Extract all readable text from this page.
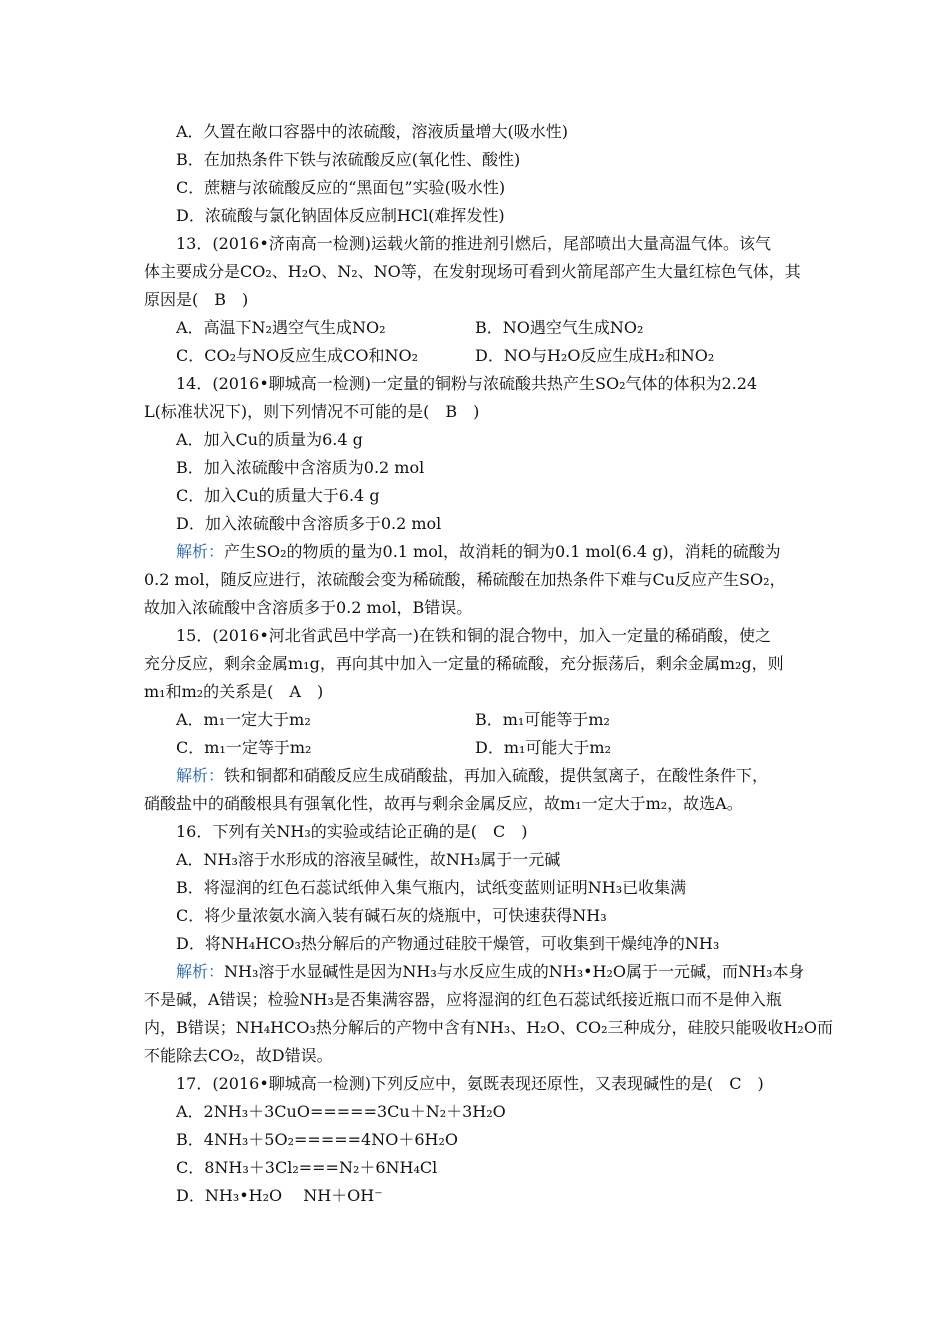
A．久置在敞口容器中的浓硫酸，溶液质量增大(吸水性)
B．在加热条件下铁与浓硫酸反应(氧化性、酸性)
C．蔗糖与浓硫酸反应的“黑面包”实验(吸水性)
D．浓硫酸与氯化钠固体反应制HCl(难挥发性)
13．(2016•济南高一检测)运载火箭的推进剂引燃后，尾部喷出大量高温气体。该气
体主要成分是CO₂、H₂O、N₂、NO等，在发射现场可看到火箭尾部产生大量红棕色气体，其
原因是(　B　)
A．高温下N₂遇空气生成NO₂	B．NO遇空气生成NO₂
C．CO₂与NO反应生成CO和NO₂	D．NO与H₂O反应生成H₂和NO₂
14．(2016•聊城高一检测)一定量的铜粉与浓硫酸共热产生SO₂气体的体积为2.24
L(标准状况下)，则下列情况不可能的是(　B　)
A．加入Cu的质量为6.4 g
B．加入浓硫酸中含溶质为0.2 mol
C．加入Cu的质量大于6.4 g
D．加入浓硫酸中含溶质多于0.2 mol
解析：产生SO₂的物质的量为0.1 mol，故消耗的铜为0.1 mol(6.4 g)，消耗的硫酸为
0.2 mol，随反应进行，浓硫酸会变为稀硫酸，稀硫酸在加热条件下难与Cu反应产生SO₂，
故加入浓硫酸中含溶质多于0.2 mol，B错误。
15．(2016•河北省武邑中学高一)在铁和铜的混合物中，加入一定量的稀硝酸，使之
充分反应，剩余金属m₁g，再向其中加入一定量的稀硫酸，充分振荡后，剩余金属m₂g，则
m₁和m₂的关系是(　A　)
A．m₁一定大于m₂	B．m₁可能等于m₂
C．m₁一定等于m₂	D．m₁可能大于m₂
解析：铁和铜都和硝酸反应生成硝酸盐，再加入硫酸，提供氢离子，在酸性条件下，
硝酸盐中的硝酸根具有强氧化性，故再与剩余金属反应，故m₁一定大于m₂，故选A。
16．下列有关NH₃的实验或结论正确的是(　C　)
A．NH₃溶于水形成的溶液呈碱性，故NH₃属于一元碱
B．将湿润的红色石蕊试纸伸入集气瓶内，试纸变蓝则证明NH₃已收集满
C．将少量浓氨水滴入装有碱石灰的烧瓶中，可快速获得NH₃
D．将NH₄HCO₃热分解后的产物通过硅胶干燥管，可收集到干燥纯净的NH₃
解析：NH₃溶于水显碱性是因为NH₃与水反应生成的NH₃•H₂O属于一元碱，而NH₃本身
不是碱，A错误；检验NH₃是否集满容器，应将湿润的红色石蕊试纸接近瓶口而不是伸入瓶
内，B错误；NH₄HCO₃热分解后的产物中含有NH₃、H₂O、CO₂三种成分，硅胶只能吸收H₂O而
不能除去CO₂，故D错误。
17．(2016•聊城高一检测)下列反应中，氨既表现还原性，又表现碱性的是(　C　)
A．2NH₃＋3CuO=====3Cu＋N₂＋3H₂O
B．4NH₃＋5O₂=====4NO＋6H₂O
C．8NH₃＋3Cl₂===N₂＋6NH₄Cl
D．NH₃•H₂O　 NH＋OH⁻
